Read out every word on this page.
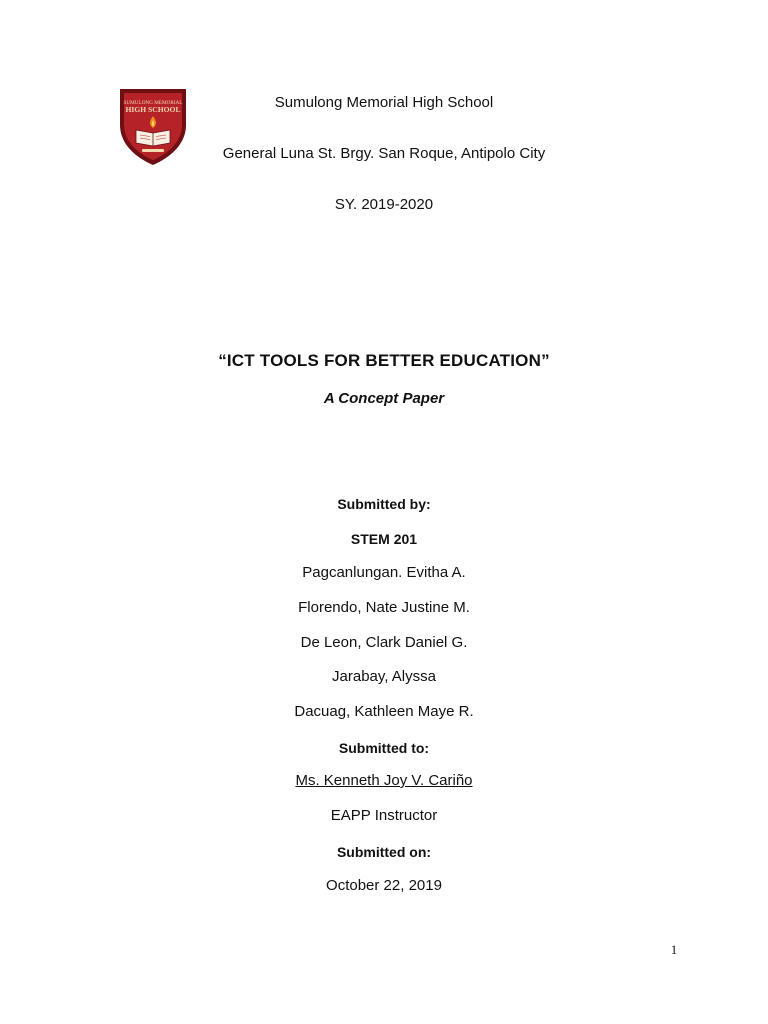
SUMULONG MEMORIAL
HIGH SCHOOL	Sumulong Memorial High School
General Luna St. Brgy. San Roque, Antipolo City
SY. 2019-2020
“ICT TOOLS FOR BETTER EDUCATION”
A Concept Paper
Submitted by:
STEM 201
Pagcanlungan. Evitha A.
Florendo, Nate Justine M.
De Leon, Clark Daniel G.
Jarabay, Alyssa
Dacuag, Kathleen Maye R.
Submitted to:
Ms. Kenneth Joy V. Cariño
EAPP Instructor
Submitted on:
October 22, 2019
1
